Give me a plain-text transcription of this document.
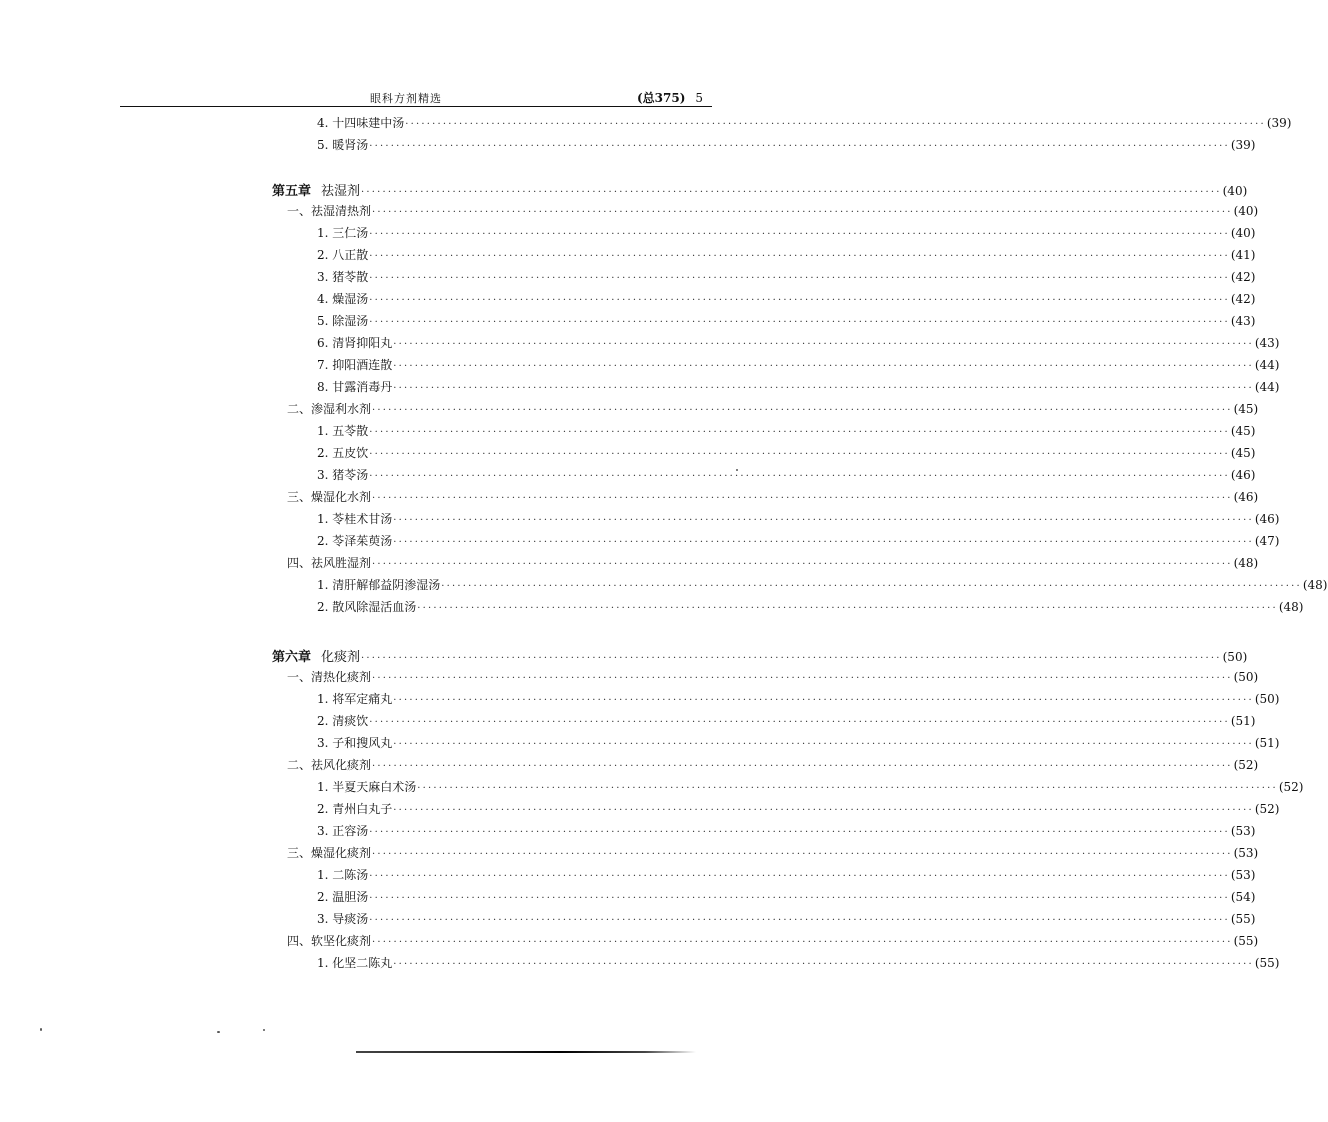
眼科方剂精选	(总375) 5
4. 十四味建中汤 ································································································································································ (39)
5. 暖肾汤 ································································································································································ (39)
第五章 祛湿剂 ································································································································································ (40)
一、祛湿清热剂 ································································································································································ (40)
1. 三仁汤 ································································································································································ (40)
2. 八正散 ································································································································································ (41)
3. 猪苓散 ································································································································································ (42)
4. 燥湿汤 ································································································································································ (42)
5. 除湿汤 ································································································································································ (43)
6. 清肾抑阳丸 ································································································································································ (43)
7. 抑阳酒连散 ································································································································································ (44)
8. 甘露消毒丹 ································································································································································ (44)
二、渗湿利水剂 ································································································································································ (45)
1. 五苓散 ································································································································································ (45)
2. 五皮饮 ································································································································································ (45)
3. 猪苓汤 ································································································································································ (46)
三、燥湿化水剂 ································································································································································ (46)
1. 苓桂术甘汤 ································································································································································ (46)
2. 苓泽茱萸汤 ································································································································································ (47)
四、祛风胜湿剂 ································································································································································ (48)
1. 清肝解郁益阴渗湿汤 ································································································································································ (48)
2. 散风除湿活血汤 ································································································································································ (48)
第六章 化痰剂 ································································································································································ (50)
一、清热化痰剂 ································································································································································ (50)
1. 将军定痛丸 ································································································································································ (50)
2. 清痰饮 ································································································································································ (51)
3. 子和搜风丸 ································································································································································ (51)
二、祛风化痰剂 ································································································································································ (52)
1. 半夏天麻白术汤 ································································································································································ (52)
2. 青州白丸子 ································································································································································ (52)
3. 正容汤 ································································································································································ (53)
三、燥湿化痰剂 ································································································································································ (53)
1. 二陈汤 ································································································································································ (53)
2. 温胆汤 ································································································································································ (54)
3. 导痰汤 ································································································································································ (55)
四、软坚化痰剂 ································································································································································ (55)
1. 化坚二陈丸 ································································································································································ (55)
